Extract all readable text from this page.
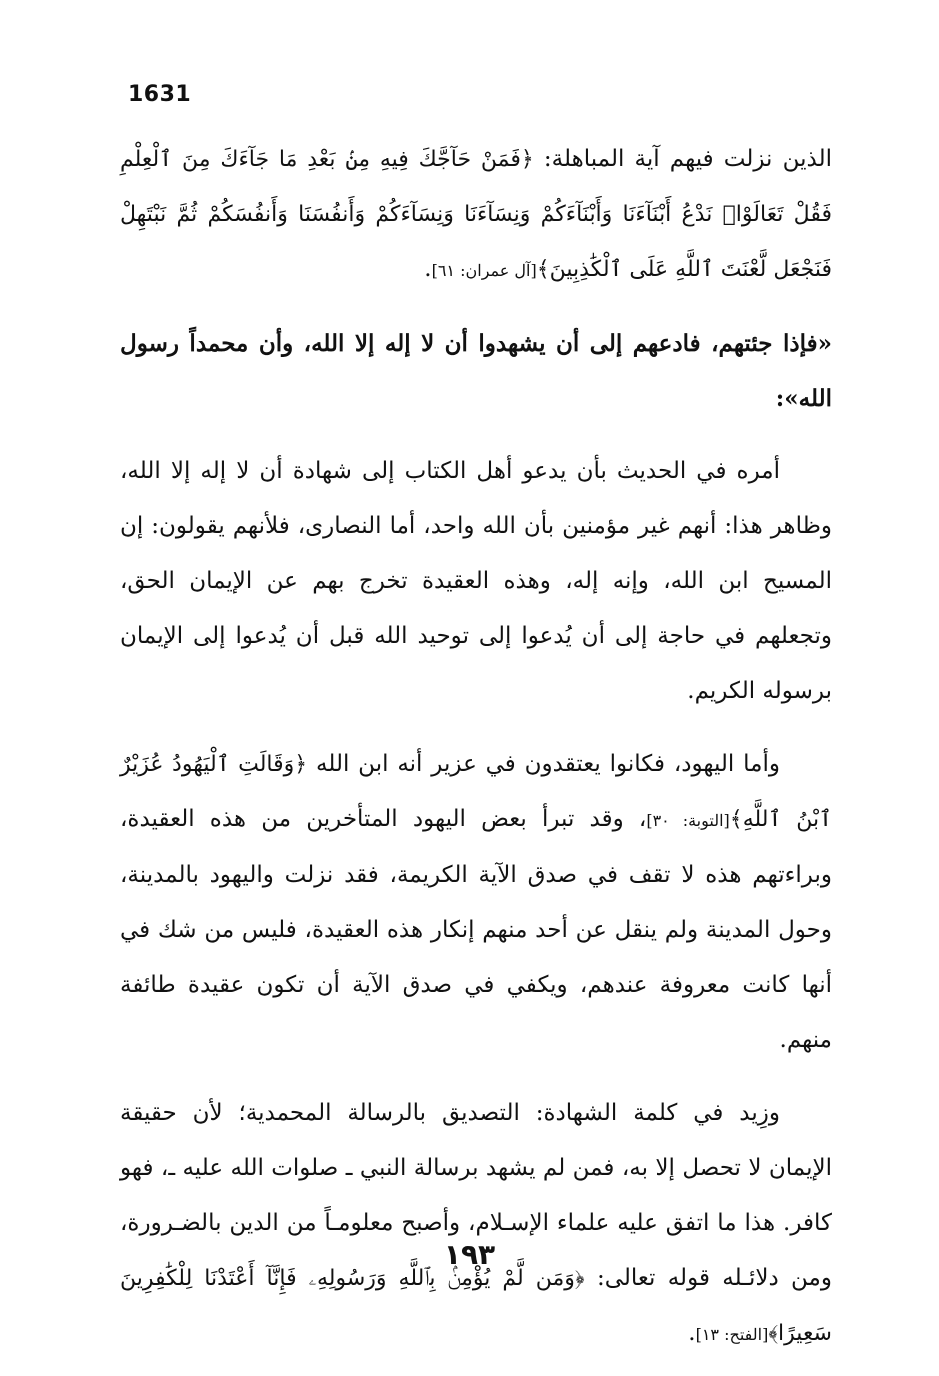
1631

الذين نزلت فيهم آية المباهلة: ﴿فَمَنْ حَآجَّكَ فِيهِ مِنۢ بَعْدِ مَا جَآءَكَ مِنَ ٱلْعِلْمِ فَقُلْ تَعَالَوْا۟ نَدْعُ أَبْنَآءَنَا وَأَبْنَآءَكُمْ وَنِسَآءَنَا وَنِسَآءَكُمْ وَأَنفُسَنَا وَأَنفُسَكُمْ ثُمَّ نَبْتَهِلْ فَنَجْعَل لَّعْنَتَ ٱللَّهِ عَلَى ٱلْكَٰذِبِينَ﴾[آل عمران: ٦١].

«فإذا جئتهم، فادعهم إلى أن يشهدوا أن لا إله إلا الله، وأن محمداً رسول الله»:

أمره في الحديث بأن يدعو أهل الكتاب إلى شهادة أن لا إله إلا الله، وظاهر هذا: أنهم غير مؤمنين بأن الله واحد، أما النصارى، فلأنهم يقولون: إن المسيح ابن الله، وإنه إله، وهذه العقيدة تخرج بهم عن الإيمان الحق، وتجعلهم في حاجة إلى أن يُدعوا إلى توحيد الله قبل أن يُدعوا إلى الإيمان برسوله الكريم.

وأما اليهود، فكانوا يعتقدون في عزير أنه ابن الله ﴿وَقَالَتِ ٱلْيَهُودُ عُزَيْرٌ ٱبْنُ ٱللَّهِ﴾[التوبة: ٣٠]، وقد تبرأ بعض اليهود المتأخرين من هذه العقيدة، وبراءتهم هذه لا تقف في صدق الآية الكريمة، فقد نزلت واليهود بالمدينة، وحول المدينة ولم ينقل عن أحد منهم إنكار هذه العقيدة، فليس من شك في أنها كانت معروفة عندهم، ويكفي في صدق الآية أن تكون عقيدة طائفة منهم.

وزِيد في كلمة الشهادة: التصديق بالرسالة المحمدية؛ لأن حقيقة الإيمان لا تحصل إلا به، فمن لم يشهد برسالة النبي ـ صلوات الله عليه ـ، فهو كافر. هذا ما اتفق عليه علماء الإسـلام، وأصبح معلومـاً من الدين بالضـرورة، ومن دلائـله قوله تعالى: ﴿وَمَن لَّمْ يُؤْمِنۢ بِٱللَّهِ وَرَسُولِهِۦ فَإِنَّآ أَعْتَدْنَا لِلْكَٰفِرِينَ سَعِيرًا﴾[الفتح: ١٣].

١٩٣
